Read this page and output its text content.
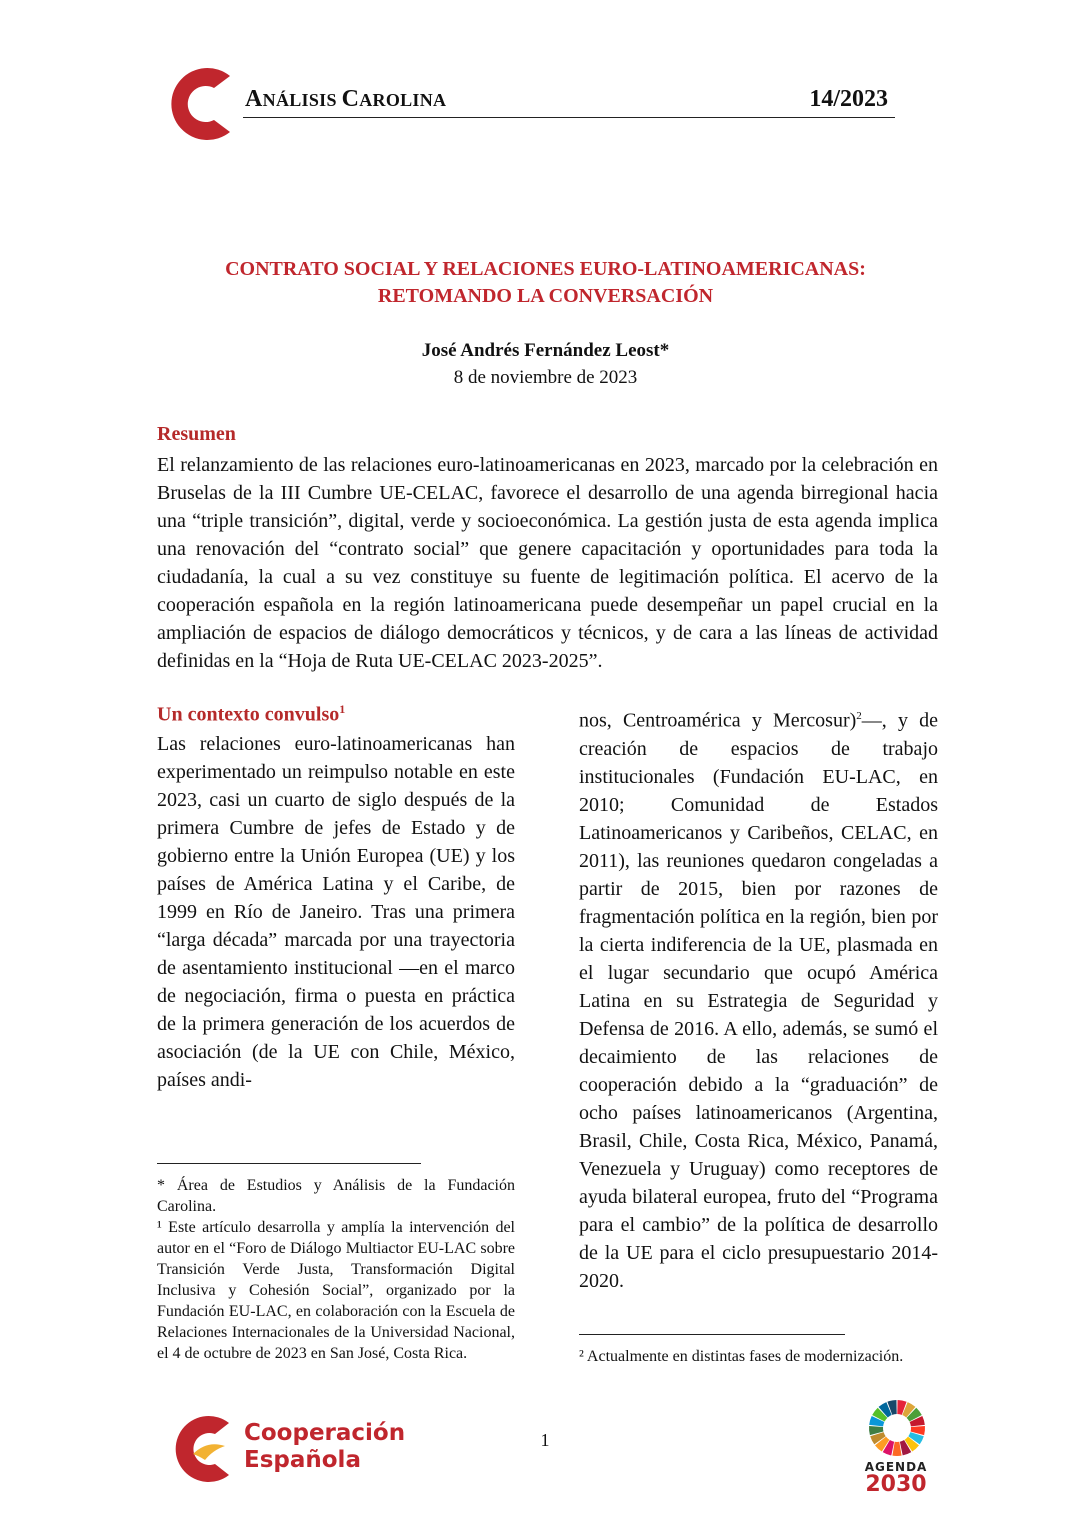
ANÁLISIS CAROLINA	14/2023
CONTRATO SOCIAL Y RELACIONES EURO-LATINOAMERICANAS:
RETOMANDO LA CONVERSACIÓN
José Andrés Fernández Leost*
8 de noviembre de 2023
Resumen
El relanzamiento de las relaciones euro-latinoamericanas en 2023, marcado por la celebración en Bruselas de la III Cumbre UE-CELAC, favorece el desarrollo de una agenda birregional hacia una “triple transición”, digital, verde y socioeconómica. La gestión justa de esta agenda implica una renovación del “contrato social” que genere capacitación y oportunidades para toda la ciudadanía, la cual a su vez constituye su fuente de legitimación política. El acervo de la cooperación española en la región latinoamericana puede desempeñar un papel crucial en la ampliación de espacios de diálogo democráticos y técnicos, y de cara a las líneas de actividad definidas en la “Hoja de Ruta UE-CELAC 2023-2025”.
Un contexto convulso$^1$
Las relaciones euro-latinoamericanas han experimentado un reimpulso notable en este 2023, casi un cuarto de siglo después de la primera Cumbre de jefes de Estado y de gobierno entre la Unión Europea (UE) y los países de América Latina y el Caribe, de 1999 en Río de Janeiro. Tras una primera “larga década” marcada por una trayectoria de asentamiento institucional —en el marco de negociación, firma o puesta en práctica de la primera generación de los acuerdos de asociación (de la UE con Chile, México, países andi-
nos, Centroamérica y Mercosur)$^2$—, y de creación de espacios de trabajo institucionales (Fundación EU-LAC, en 2010; Comunidad de Estados Latinoamericanos y Caribeños, CELAC, en 2011), las reuniones quedaron congeladas a partir de 2015, bien por razones de fragmentación política en la región, bien por la cierta indiferencia de la UE, plasmada en el lugar secundario que ocupó América Latina en su Estrategia de Seguridad y Defensa de 2016. A ello, además, se sumó el decaimiento de las relaciones de cooperación debido a la “graduación” de ocho países latinoamericanos (Argentina, Brasil, Chile, Costa Rica, México, Panamá, Venezuela y Uruguay) como receptores de ayuda bilateral europea, fruto del “Programa para el cambio” de la política de desarrollo de la UE para el ciclo presupuestario 2014-2020.
* Área de Estudios y Análisis de la Fundación Carolina.
¹ Este artículo desarrolla y amplía la intervención del autor en el “Foro de Diálogo Multiactor EU-LAC sobre Transición Verde Justa, Transformación Digital Inclusiva y Cohesión Social”, organizado por la Fundación EU-LAC, en colaboración con la Escuela de Relaciones Internacionales de la Universidad Nacional, el 4 de octubre de 2023 en San José, Costa Rica.	² Actualmente en distintas fases de modernización.
1
Cooperación
Española	AGENDA
2030
